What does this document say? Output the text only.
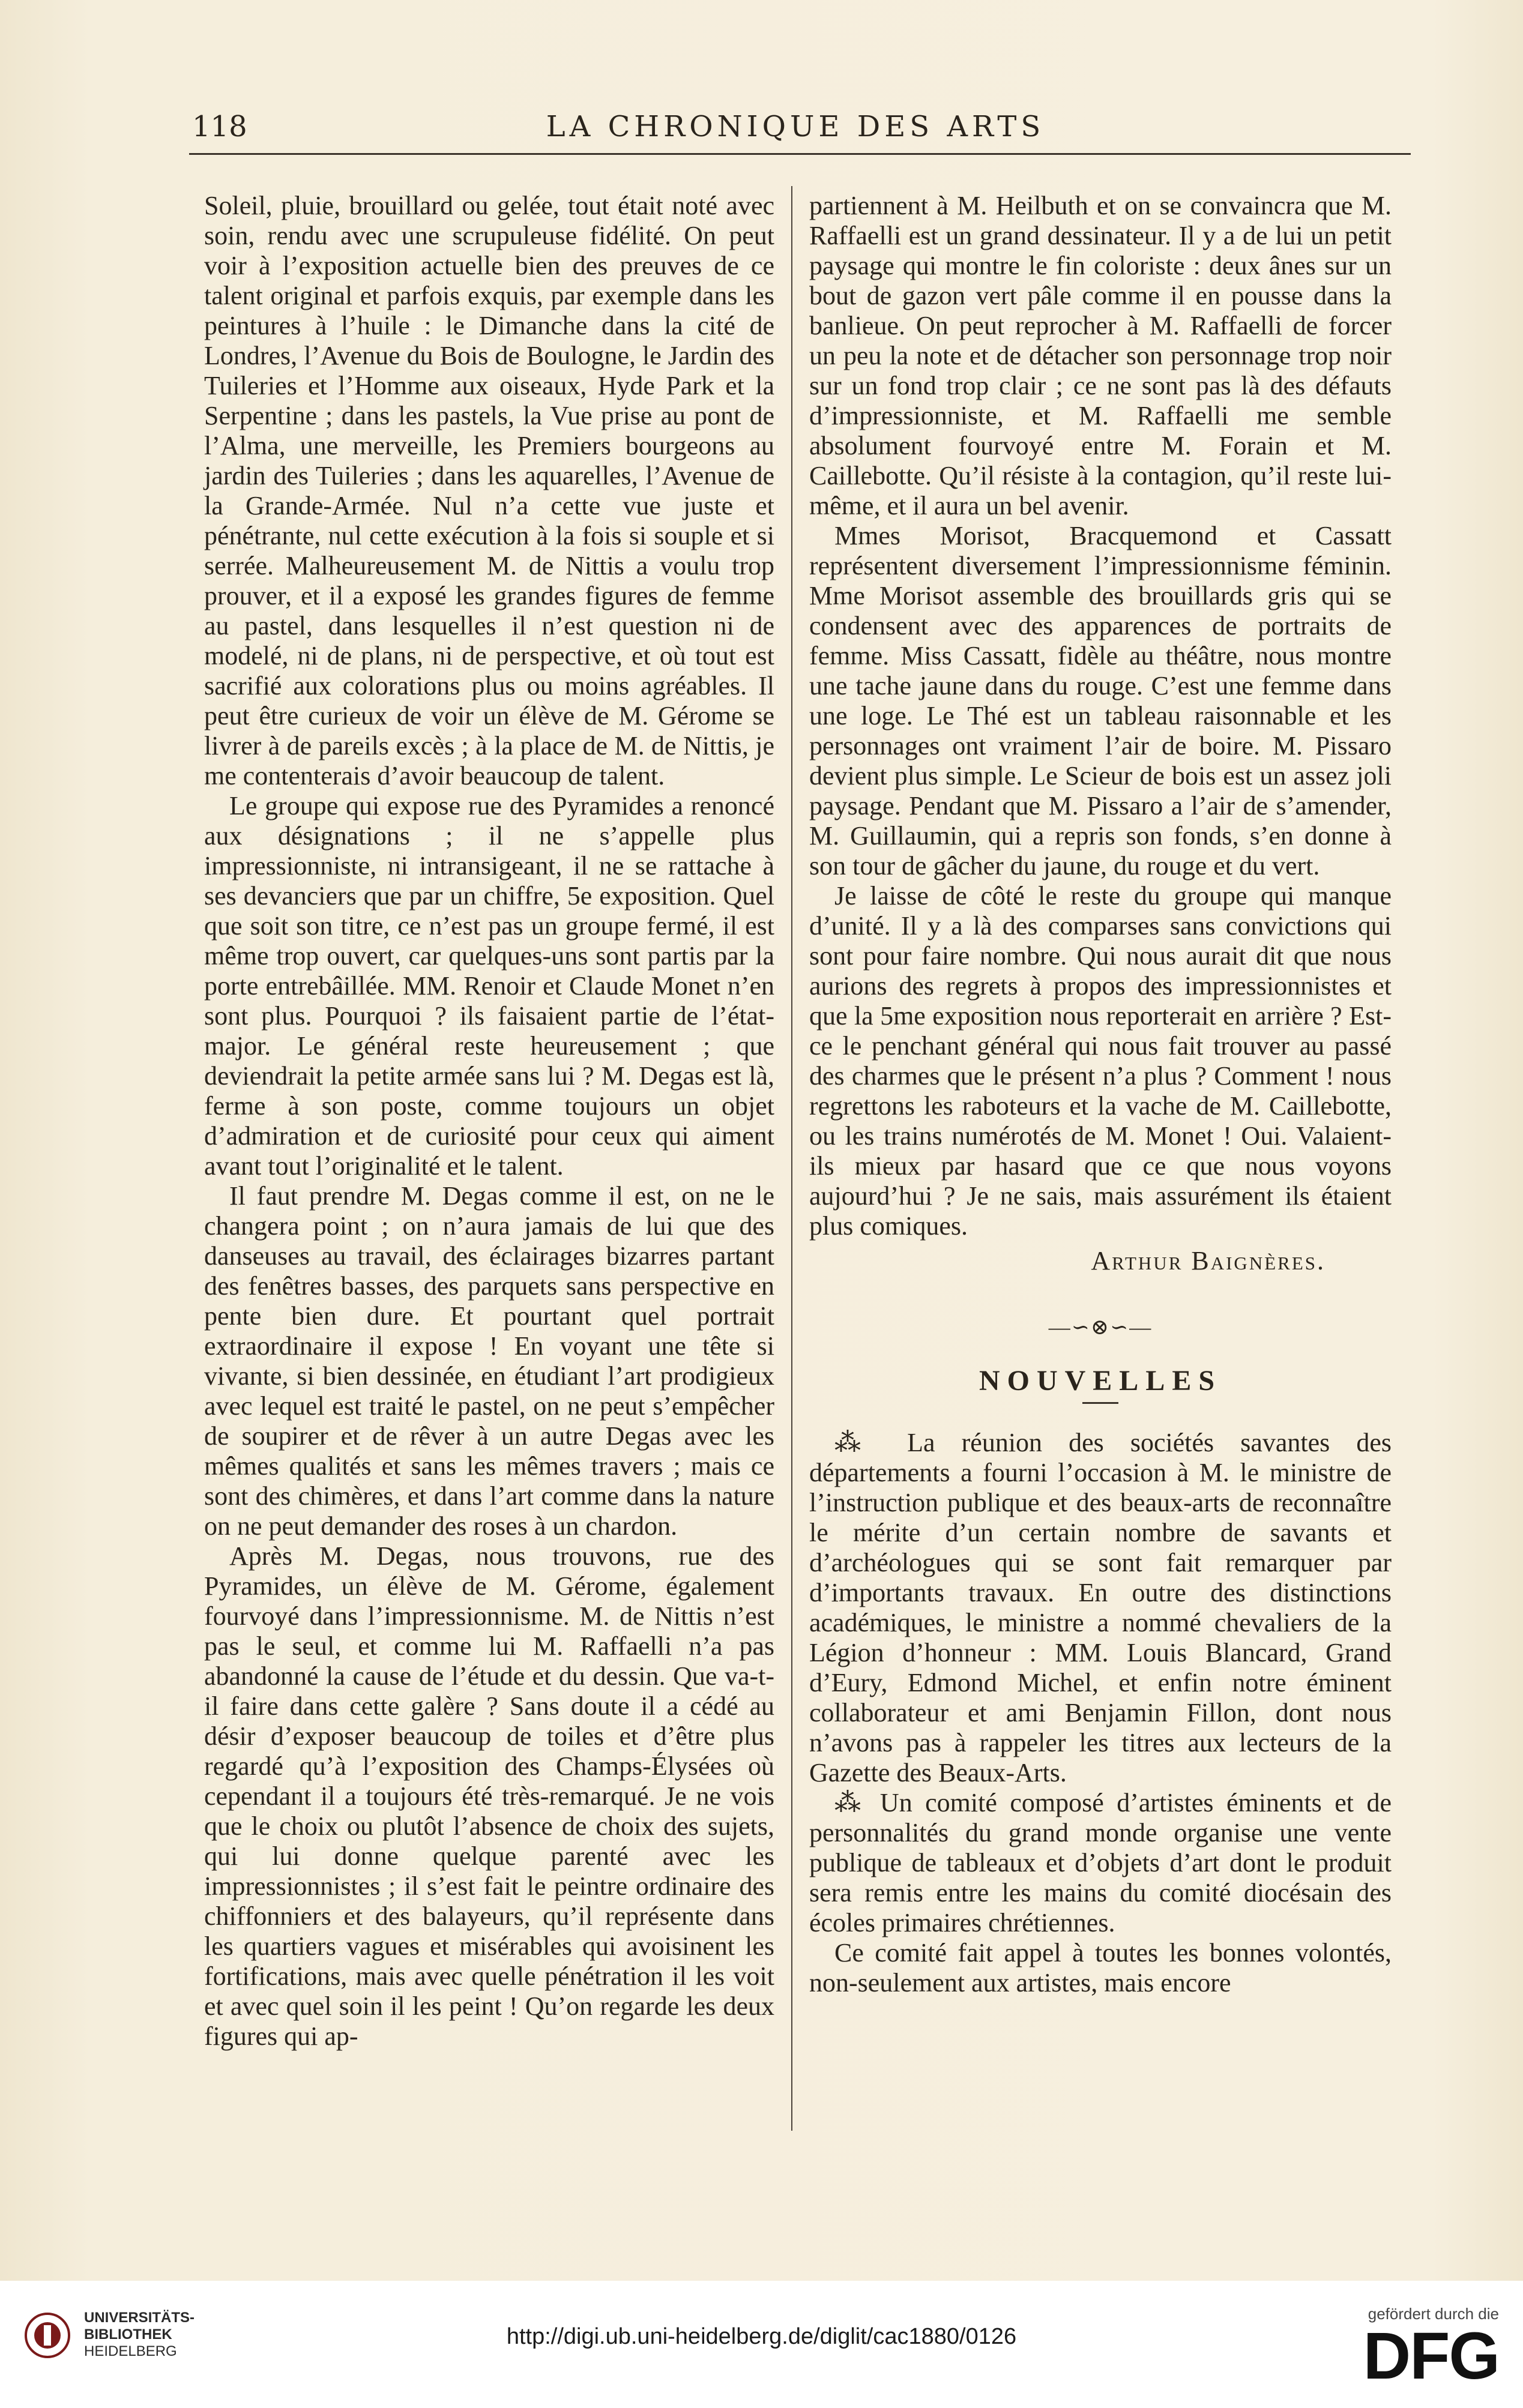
118	LA CHRONIQUE DES ARTS

Soleil, pluie, brouillard ou gelée, tout était noté avec soin, rendu avec une scrupuleuse fidélité. On peut voir à l’exposition actuelle bien des preuves de ce talent original et parfois exquis, par exemple dans les peintures à l’huile : le Dimanche dans la cité de Londres, l’Avenue du Bois de Boulogne, le Jardin des Tuileries et l’Homme aux oiseaux, Hyde Park et la Serpentine ; dans les pastels, la Vue prise au pont de l’Alma, une merveille, les Premiers bourgeons au jardin des Tuileries ; dans les aquarelles, l’Avenue de la Grande-Armée. Nul n’a cette vue juste et pénétrante, nul cette exécution à la fois si souple et si serrée. Malheureusement M. de Nittis a voulu trop prouver, et il a exposé les grandes figures de femme au pastel, dans lesquelles il n’est question ni de modelé, ni de plans, ni de perspective, et où tout est sacrifié aux colorations plus ou moins agréables. Il peut être curieux de voir un élève de M. Gérome se livrer à de pareils excès ; à la place de M. de Nittis, je me contenterais d’avoir beaucoup de talent.

Le groupe qui expose rue des Pyramides a renoncé aux désignations ; il ne s’appelle plus impressionniste, ni intransigeant, il ne se rattache à ses devanciers que par un chiffre, 5e exposition. Quel que soit son titre, ce n’est pas un groupe fermé, il est même trop ouvert, car quelques-uns sont partis par la porte entrebâillée. MM. Renoir et Claude Monet n’en sont plus. Pourquoi ? ils faisaient partie de l’état-major. Le général reste heureusement ; que deviendrait la petite armée sans lui ? M. Degas est là, ferme à son poste, comme toujours un objet d’admiration et de curiosité pour ceux qui aiment avant tout l’originalité et le talent.

Il faut prendre M. Degas comme il est, on ne le changera point ; on n’aura jamais de lui que des danseuses au travail, des éclairages bizarres partant des fenêtres basses, des parquets sans perspective en pente bien dure. Et pourtant quel portrait extraordinaire il expose ! En voyant une tête si vivante, si bien dessinée, en étudiant l’art prodigieux avec lequel est traité le pastel, on ne peut s’empêcher de soupirer et de rêver à un autre Degas avec les mêmes qualités et sans les mêmes travers ; mais ce sont des chimères, et dans l’art comme dans la nature on ne peut demander des roses à un chardon.

Après M. Degas, nous trouvons, rue des Pyramides, un élève de M. Gérome, également fourvoyé dans l’impressionnisme. M. de Nittis n’est pas le seul, et comme lui M. Raffaelli n’a pas abandonné la cause de l’étude et du dessin. Que va-t-il faire dans cette galère ? Sans doute il a cédé au désir d’exposer beaucoup de toiles et d’être plus regardé qu’à l’exposition des Champs-Élysées où cependant il a toujours été très-remarqué. Je ne vois que le choix ou plutôt l’absence de choix des sujets, qui lui donne quelque parenté avec les impressionnistes ; il s’est fait le peintre ordinaire des chiffonniers et des balayeurs, qu’il représente dans les quartiers vagues et misérables qui avoisinent les fortifications, mais avec quelle pénétration il les voit et avec quel soin il les peint ! Qu’on regarde les deux figures qui ap-

partiennent à M. Heilbuth et on se convaincra que M. Raffaelli est un grand dessinateur. Il y a de lui un petit paysage qui montre le fin coloriste : deux ânes sur un bout de gazon vert pâle comme il en pousse dans la banlieue. On peut reprocher à M. Raffaelli de forcer un peu la note et de détacher son personnage trop noir sur un fond trop clair ; ce ne sont pas là des défauts d’impressionniste, et M. Raffaelli me semble absolument fourvoyé entre M. Forain et M. Caillebotte. Qu’il résiste à la contagion, qu’il reste lui-même, et il aura un bel avenir.

Mmes Morisot, Bracquemond et Cassatt représentent diversement l’impressionnisme féminin. Mme Morisot assemble des brouillards gris qui se condensent avec des apparences de portraits de femme. Miss Cassatt, fidèle au théâtre, nous montre une tache jaune dans du rouge. C’est une femme dans une loge. Le Thé est un tableau raisonnable et les personnages ont vraiment l’air de boire. M. Pissaro devient plus simple. Le Scieur de bois est un assez joli paysage. Pendant que M. Pissaro a l’air de s’amender, M. Guillaumin, qui a repris son fonds, s’en donne à son tour de gâcher du jaune, du rouge et du vert.

Je laisse de côté le reste du groupe qui manque d’unité. Il y a là des comparses sans convictions qui sont pour faire nombre. Qui nous aurait dit que nous aurions des regrets à propos des impressionnistes et que la 5me exposition nous reporterait en arrière ? Est-ce le penchant général qui nous fait trouver au passé des charmes que le présent n’a plus ? Comment ! nous regrettons les raboteurs et la vache de M. Caillebotte, ou les trains numérotés de M. Monet ! Oui. Valaient-ils mieux par hasard que ce que nous voyons aujourd’hui ? Je ne sais, mais assurément ils étaient plus comiques.

Arthur Baignères.
—∽⊗∽—
NOUVELLES

⁂ La réunion des sociétés savantes des départements a fourni l’occasion à M. le ministre de l’instruction publique et des beaux-arts de reconnaître le mérite d’un certain nombre de savants et d’archéologues qui se sont fait remarquer par d’importants travaux. En outre des distinctions académiques, le ministre a nommé chevaliers de la Légion d’honneur : MM. Louis Blancard, Grand d’Eury, Edmond Michel, et enfin notre éminent collaborateur et ami Benjamin Fillon, dont nous n’avons pas à rappeler les titres aux lecteurs de la Gazette des Beaux-Arts.

⁂ Un comité composé d’artistes éminents et de personnalités du grand monde organise une vente publique de tableaux et d’objets d’art dont le produit sera remis entre les mains du comité diocésain des écoles primaires chrétiennes.

Ce comité fait appel à toutes les bonnes volontés, non-seulement aux artistes, mais encore

UNIVERSITÄTS-
BIBLIOTHEK
HEIDELBERG
http://digi.ub.uni-heidelberg.de/diglit/cac1880/0126
gefördert durch die
DFG
